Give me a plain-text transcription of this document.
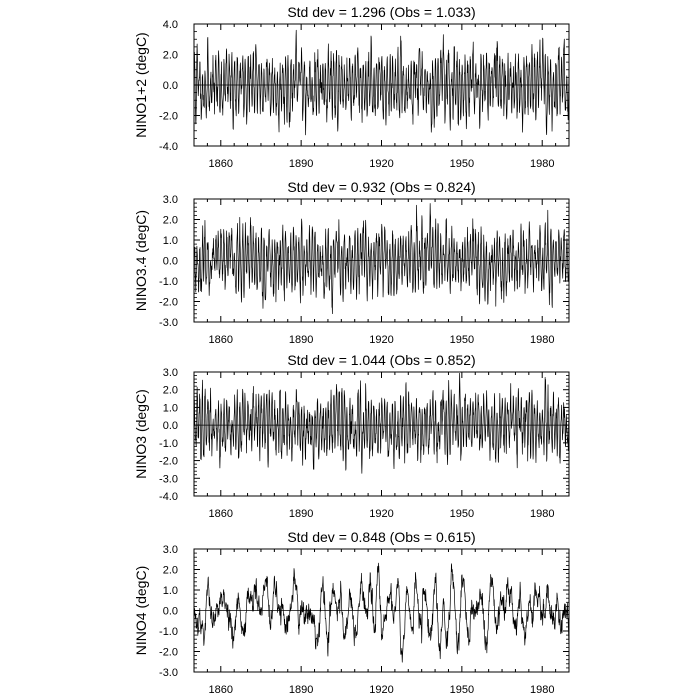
Std dev = 1.296 (Obs = 1.033)
NINO1+2 (degC)
-4.0
-2.0
0.0
2.0
4.0
1860	1890	1920	1950	1980
Std dev = 0.932 (Obs = 0.824)
NINO3.4 (degC)
-3.0
-2.0
-1.0
0.0
1.0
2.0
3.0
1860	1890	1920	1950	1980
Std dev = 1.044 (Obs = 0.852)
NINO3 (degC)
-4.0
-3.0
-2.0
-1.0
0.0
1.0
2.0
3.0
1860	1890	1920	1950	1980
Std dev = 0.848 (Obs = 0.615)
NINO4 (degC)
-3.0
-2.0
-1.0
0.0
1.0
2.0
3.0
1860	1890	1920	1950	1980
